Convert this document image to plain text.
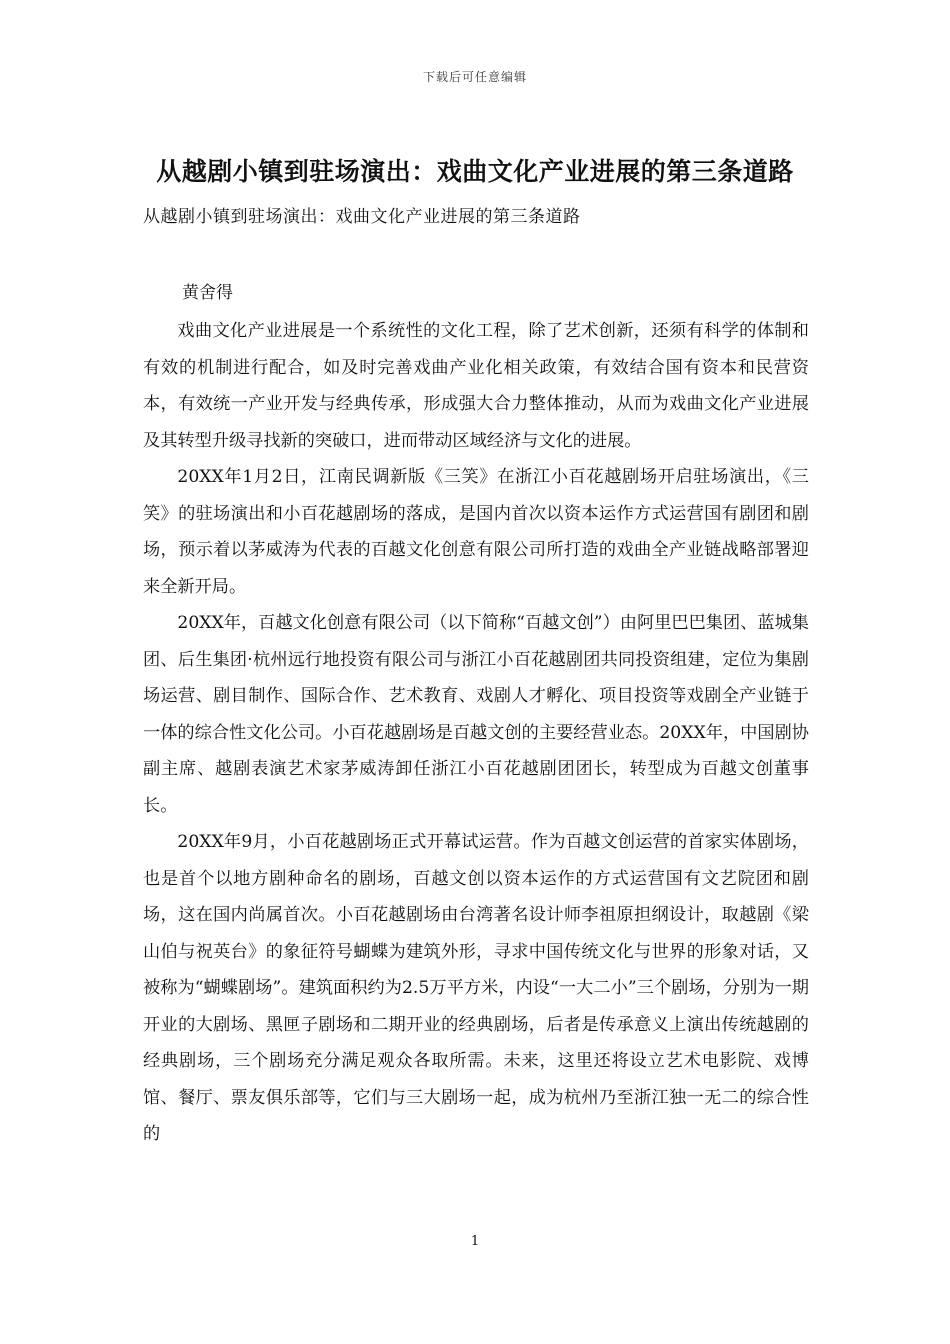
下载后可任意编辑
从越剧小镇到驻场演出：戏曲文化产业进展的第三条道路
从越剧小镇到驻场演出：戏曲文化产业进展的第三条道路
黄舍得

戏曲文化产业进展是一个系统性的文化工程，除了艺术创新，还须有科学的体制和有效的机制进行配合，如及时完善戏曲产业化相关政策，有效结合国有资本和民营资本，有效统一产业开发与经典传承，形成强大合力整体推动，从而为戏曲文化产业进展及其转型升级寻找新的突破口，进而带动区域经济与文化的进展。

20XX年1月2日，江南民调新版《三笑》在浙江小百花越剧场开启驻场演出，《三笑》的驻场演出和小百花越剧场的落成，是国内首次以资本运作方式运营国有剧团和剧场，预示着以茅威涛为代表的百越文化创意有限公司所打造的戏曲全产业链战略部署迎来全新开局。

20XX年，百越文化创意有限公司（以下简称“百越文创”）由阿里巴巴集团、蓝城集团、后生集团·杭州远行地投资有限公司与浙江小百花越剧团共同投资组建，定位为集剧场运营、剧目制作、国际合作、艺术教育、戏剧人才孵化、项目投资等戏剧全产业链于一体的综合性文化公司。小百花越剧场是百越文创的主要经营业态。20XX年，中国剧协副主席、越剧表演艺术家茅威涛卸任浙江小百花越剧团团长，转型成为百越文创董事长。

20XX年9月，小百花越剧场正式开幕试运营。作为百越文创运营的首家实体剧场，也是首个以地方剧种命名的剧场，百越文创以资本运作的方式运营国有文艺院团和剧场，这在国内尚属首次。小百花越剧场由台湾著名设计师李祖原担纲设计，取越剧《梁山伯与祝英台》的象征符号蝴蝶为建筑外形，寻求中国传统文化与世界的形象对话，又被称为“蝴蝶剧场”。建筑面积约为2.5万平方米，内设“一大二小”三个剧场，分别为一期开业的大剧场、黑匣子剧场和二期开业的经典剧场，后者是传承意义上演出传统越剧的经典剧场，三个剧场充分满足观众各取所需。未来，这里还将设立艺术电影院、戏博馆、餐厅、票友俱乐部等，它们与三大剧场一起，成为杭州乃至浙江独一无二的综合性的

1
